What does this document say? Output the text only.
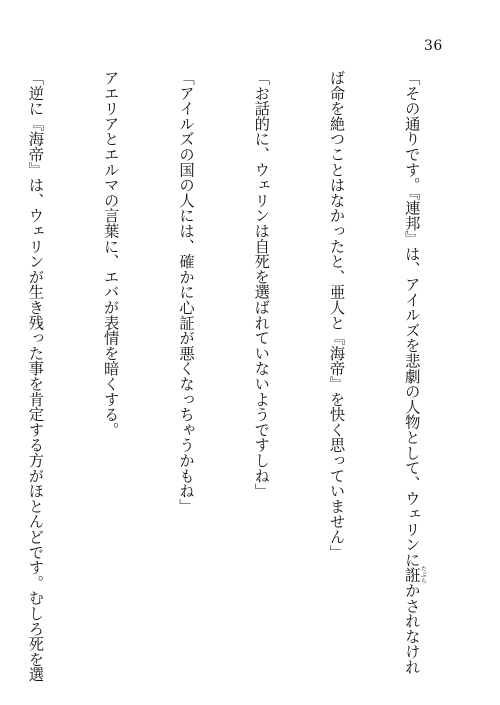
36

「その通りです。『連邦』は、アイルズを悲劇の人物として、ウェリンに誑たぶらかされなけれ

ば命を絶つことはなかったと、亜人と『海帝』を快く思っていません」

「お話的に、ウェリンは自死を選ばれていないようですしね」

「アイルズの国の人には、確かに心証が悪くなっちゃうかもね」

アエリアとエルマの言葉に、エバが表情を暗くする。

「逆に『海帝』は、ウェリンが生き残った事を肯定する方がほとんどです。むしろ死を選
